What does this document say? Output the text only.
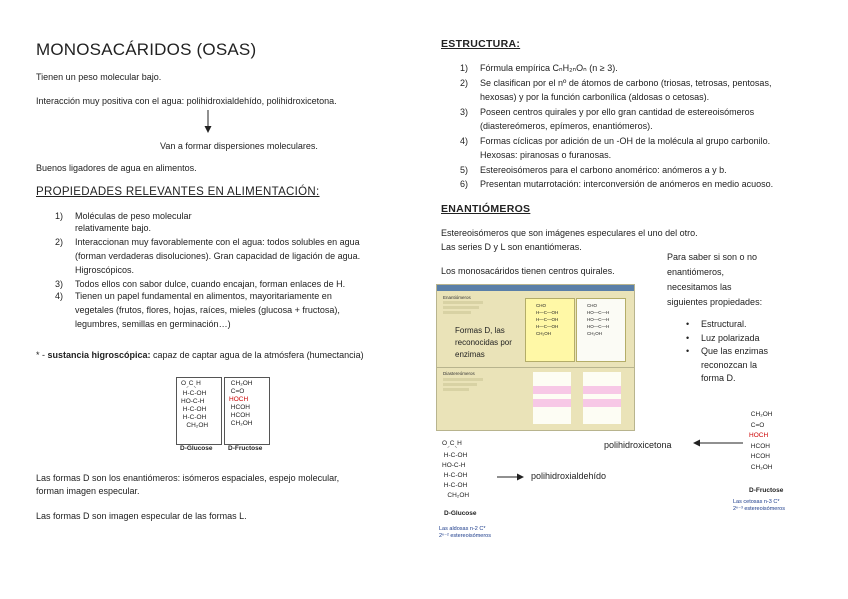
MONOSACÁRIDOS (OSAS)
Tienen un peso molecular bajo.
Interacción muy positiva con el agua: polihidroxialdehído, polihidroxicetona.
Van a formar dispersiones moleculares.
Buenos ligadores de agua en alimentos.
PROPIEDADES RELEVANTES EN ALIMENTACIÓN:
1) Moléculas de peso molecular
relativamente bajo.
2) Interaccionan muy favorablemente con el agua: todos solubles en agua
(forman verdaderas disoluciones). Gran capacidad de ligación de agua.
Higroscópicos.
3) Todos ellos con sabor dulce, cuando encajan, forman enlaces de H.
4) Tienen un papel fundamental en alimentos, mayoritariamente en
vegetales (frutos, flores, hojas, raíces, mieles (glucosa + fructosa),
legumbres, semillas en germinación…)
* - sustancia higroscópica: capaz de captar agua de la atmósfera (humectancia)
$O_⸝C_⸜H$
H-C-OH
HO-C-H
H-C-OH
H-C-OH
CH₂OH
CH₂OH
C=O
HOCH
HCOH
HCOH
CH₂OH
D-Glucose D-Fructose
Las formas D son los enantiómeros: isómeros espaciales, espejo molecular,
forman imagen especular.
Las formas D son imagen especular de las formas L.
ESTRUCTURA:
1) Fórmula empírica CₙH₂ₙOₙ (n ≥ 3).
2) Se clasifican por el nº de átomos de carbono (triosas, tetrosas, pentosas,
hexosas) y por la función carbonílica (aldosas o cetosas).
3) Poseen centros quirales y por ello gran cantidad de estereoisómeros
(diastereómeros, epímeros, enantiómeros).
4) Formas cíclicas por adición de un -OH de la molécula al grupo carbonilo.
Hexosas: piranosas o furanosas.
5) Estereoisómeros para el carbono anomérico: anómeros a y b.
6) Presentan mutarrotación: interconversión de anómeros en medio acuoso.
ENANTIÓMEROS
Estereoisómeros que son imágenes especulares el uno del otro.
Las series D y L son enantiómeras.
Los monosacáridos tienen centros quirales.
Para saber si son o no
enantiómeros,
necesitamos las
siguientes propiedades:
• Estructural.
• Luz polarizada
• Que las enzimas
reconozcan la
forma D.
Enantiómeros
CHO
H—C—OH
H—C—OH
H—C—OH
CH₂OH
CHO
HO—C—H
HO—C—H
HO—C—H
CH₂OH
Diastereómeros
Formas D, las
reconocidas por
enzimas
$O_⸝C_⸜H$
H-C-OH
HO-C-H
H-C-OH
H-C-OH
CH₂OH
D-Glucose
Las aldosas n-2 C*
2ⁿ⁻² estereoisómeros
polihidroxialdehído
polihidroxicetona
CH₂OH
C=O
HOCH
HCOH
HCOH
CH₂OH
D-Fructose
Las cetosas n-3 C*
2ⁿ⁻³ estereoisómeros
